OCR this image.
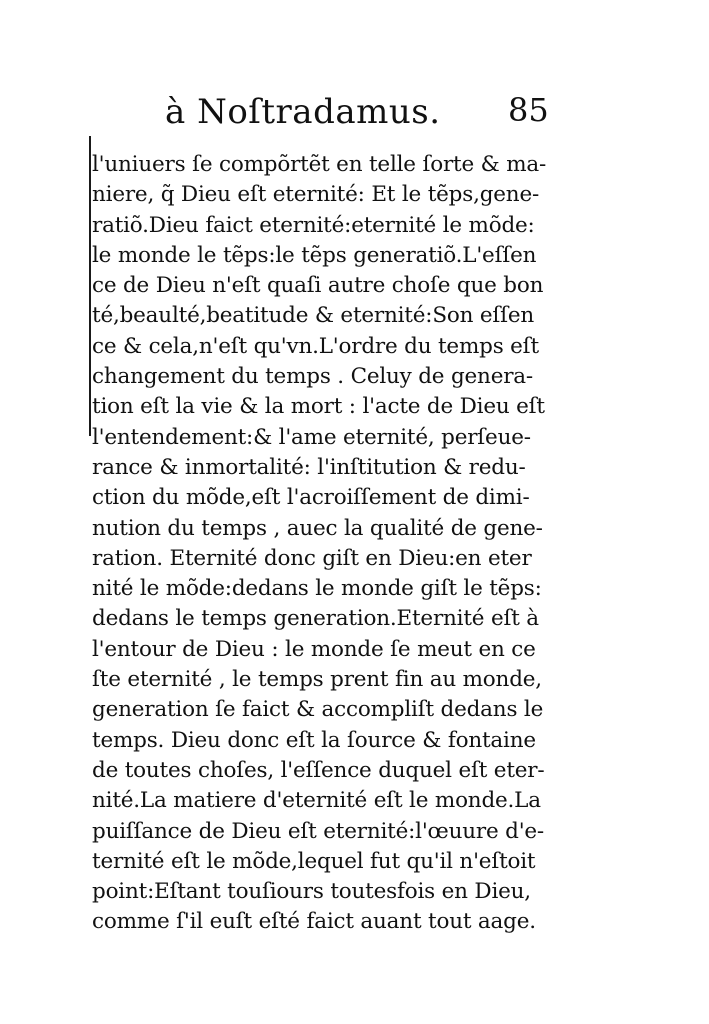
à Noſtradamus. 85
l'uniuers ſe compõrtẽt en telle ſorte & ma-
niere, q̃ Dieu eſt eternité: Et le tẽps,gene-
ratiõ.Dieu faict eternité:eternité le mõde:
le monde le tẽps:le tẽps generatiõ.L'eſſen
ce de Dieu n'eſt quaſi autre choſe que bon
té,beaulté,beatitude & eternité:Son eſſen
ce & cela,n'eſt qu'vn.L'ordre du temps eſt
changement du temps . Celuy de genera-
tion eſt la vie & la mort : l'acte de Dieu eſt
l'entendement:& l'ame eternité, perſeue-
rance & inmortalité: l'inſtitution & redu-
ction du mõde,eſt l'acroiſſement de dimi-
nution du temps , auec la qualité de gene-
ration. Eternité donc giſt en Dieu:en eter
nité le mõde:dedans le monde giſt le tẽps:
dedans le temps generation.Eternité eſt à
l'entour de Dieu : le monde ſe meut en ce
ſte eternité , le temps prent fin au monde,
generation ſe faict & accompliſt dedans le
temps. Dieu donc eſt la ſource & fontaine
de toutes choſes, l'eſſence duquel eſt eter-
nité.La matiere d'eternité eſt le monde.La
puiſſance de Dieu eſt eternité:l'œuure d'e-
ternité eſt le mõde,lequel fut qu'il n'eſtoit
point:Eſtant touſiours toutesfois en Dieu,
comme ſ'il euſt eſté faict auant tout aage.
